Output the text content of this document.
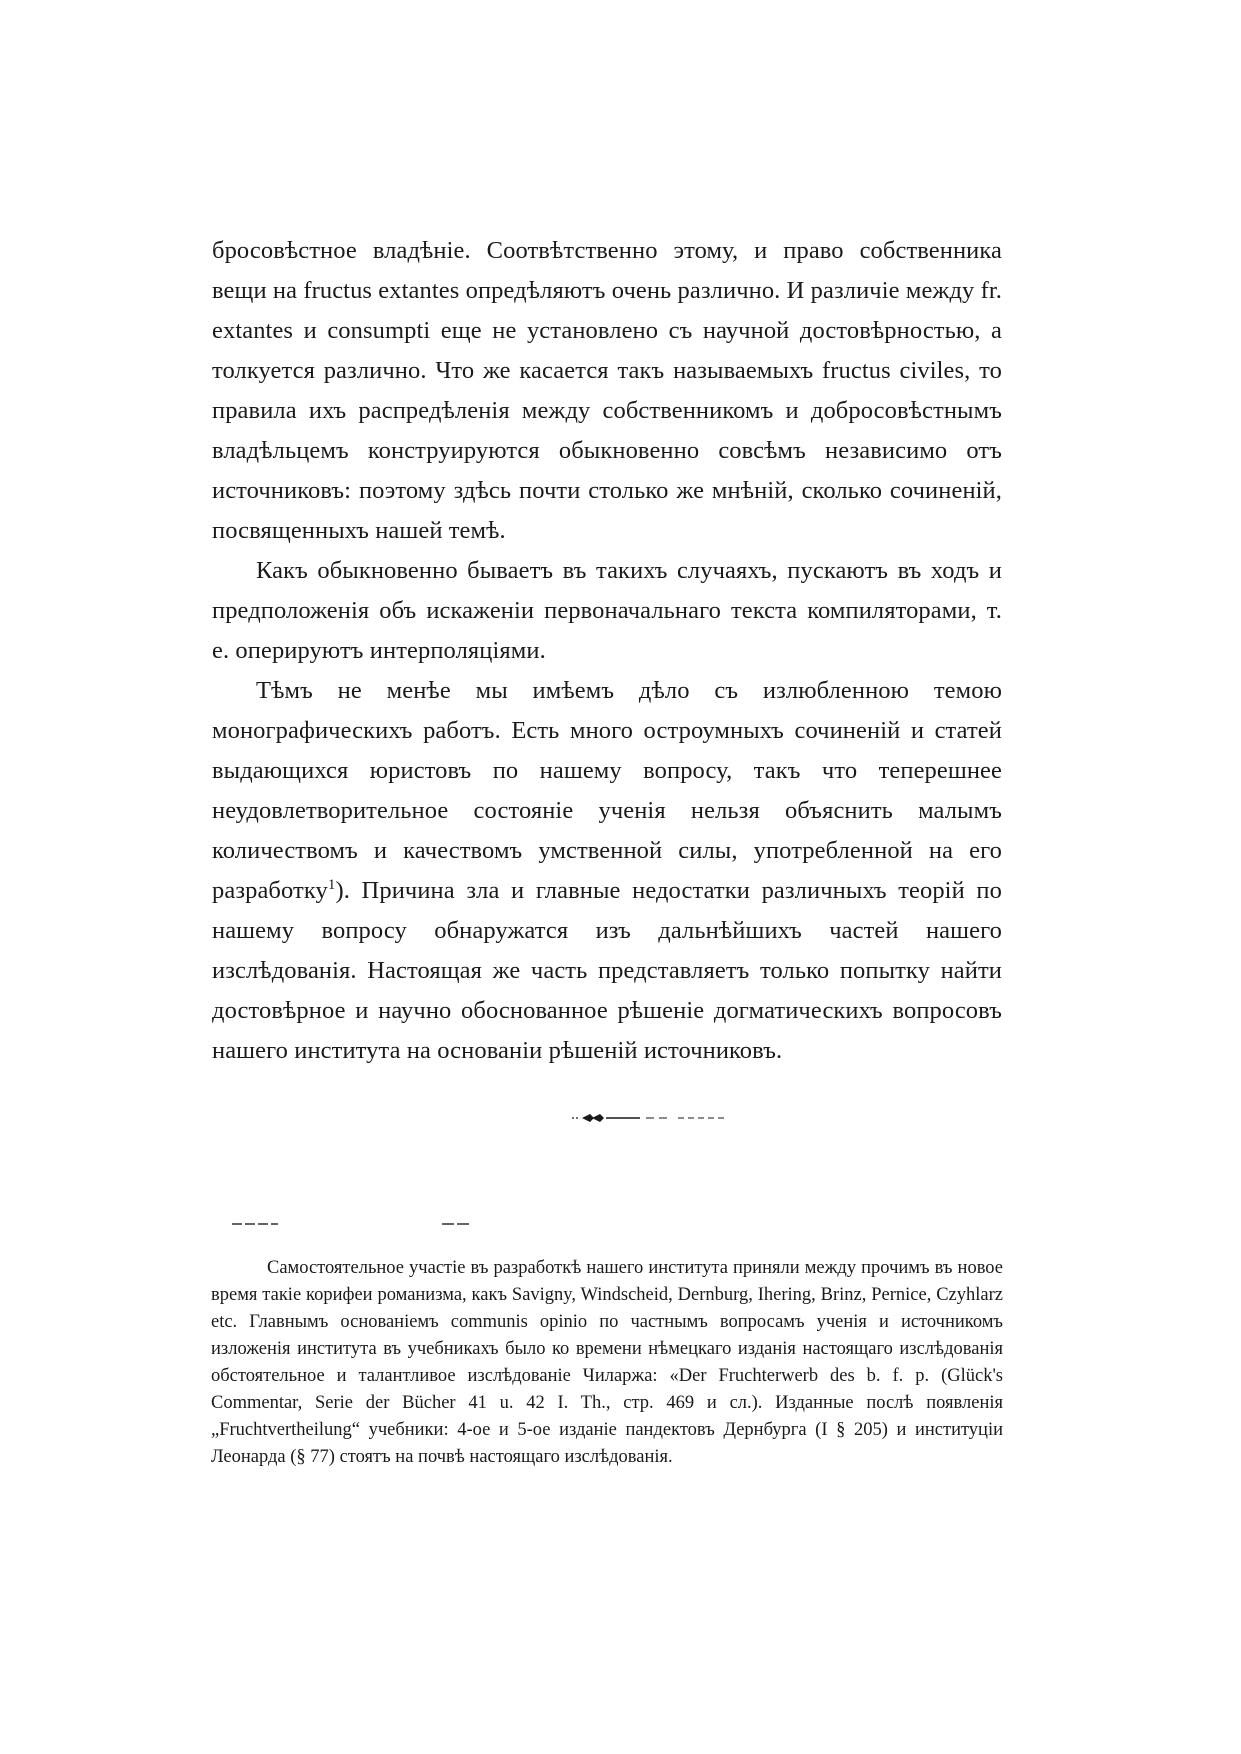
бросовѣстное владѣніе. Соотвѣтственно этому, и право собственника вещи на fructus extantes опредѣляютъ очень различно. И различіе между fr. extantes и consumpti еще не установлено съ научной достовѣрностью, а толкуется различно. Что же касается такъ называемыхъ fructus civiles, то правила ихъ распредѣленія между собственникомъ и добросовѣстнымъ владѣльцемъ конструируются обыкновенно совсѣмъ независимо отъ источниковъ: поэтому здѣсь почти столько же мнѣній, сколько сочиненій, посвященныхъ нашей темѣ.

Какъ обыкновенно бываетъ въ такихъ случаяхъ, пускаютъ въ ходъ и предположенія объ искаженіи первоначальнаго текста компиляторами, т. е. оперируютъ интерполяціями.

Тѣмъ не менѣе мы имѣемъ дѣло съ излюбленною темою монографическихъ работъ. Есть много остроумныхъ сочиненій и статей выдающихся юристовъ по нашему вопросу, такъ что теперешнее неудовлетворительное состояніе ученія нельзя объяснить малымъ количествомъ и качествомъ умственной силы, употребленной на его разработку$^1$). Причина зла и главные недостатки различныхъ теорій по нашему вопросу обнаружатся изъ дальнѣйшихъ частей нашего изслѣдованія. Настоящая же часть представляетъ только попытку найти достовѣрное и научно обоснованное рѣшеніе догматическихъ вопросовъ нашего института на основаніи рѣшеній источниковъ.

Самостоятельное участіе въ разработкѣ нашего института приняли между прочимъ въ новое время такіе корифеи романизма, какъ Savigny, Windscheid, Dernburg, Ihering, Brinz, Pernice, Czyhlarz etc. Главнымъ основаніемъ communis opinio по частнымъ вопросамъ ученія и источникомъ изложенія института въ учебникахъ было ко времени нѣмецкаго изданія настоящаго изслѣдованія обстоятельное и талантливое изслѣдованіе Чиларжа: «Der Fruchterwerb des b. f. p. (Glück's Commentar, Serie der Bücher 41 u. 42 I. Th., стр. 469 и сл.). Изданные послѣ появленія „Fruchtvertheilung“ учебники: 4-ое и 5-ое изданіе пандектовъ Дернбурга (I § 205) и институціи Леонарда (§ 77) стоятъ на почвѣ настоящаго изслѣдованія.
